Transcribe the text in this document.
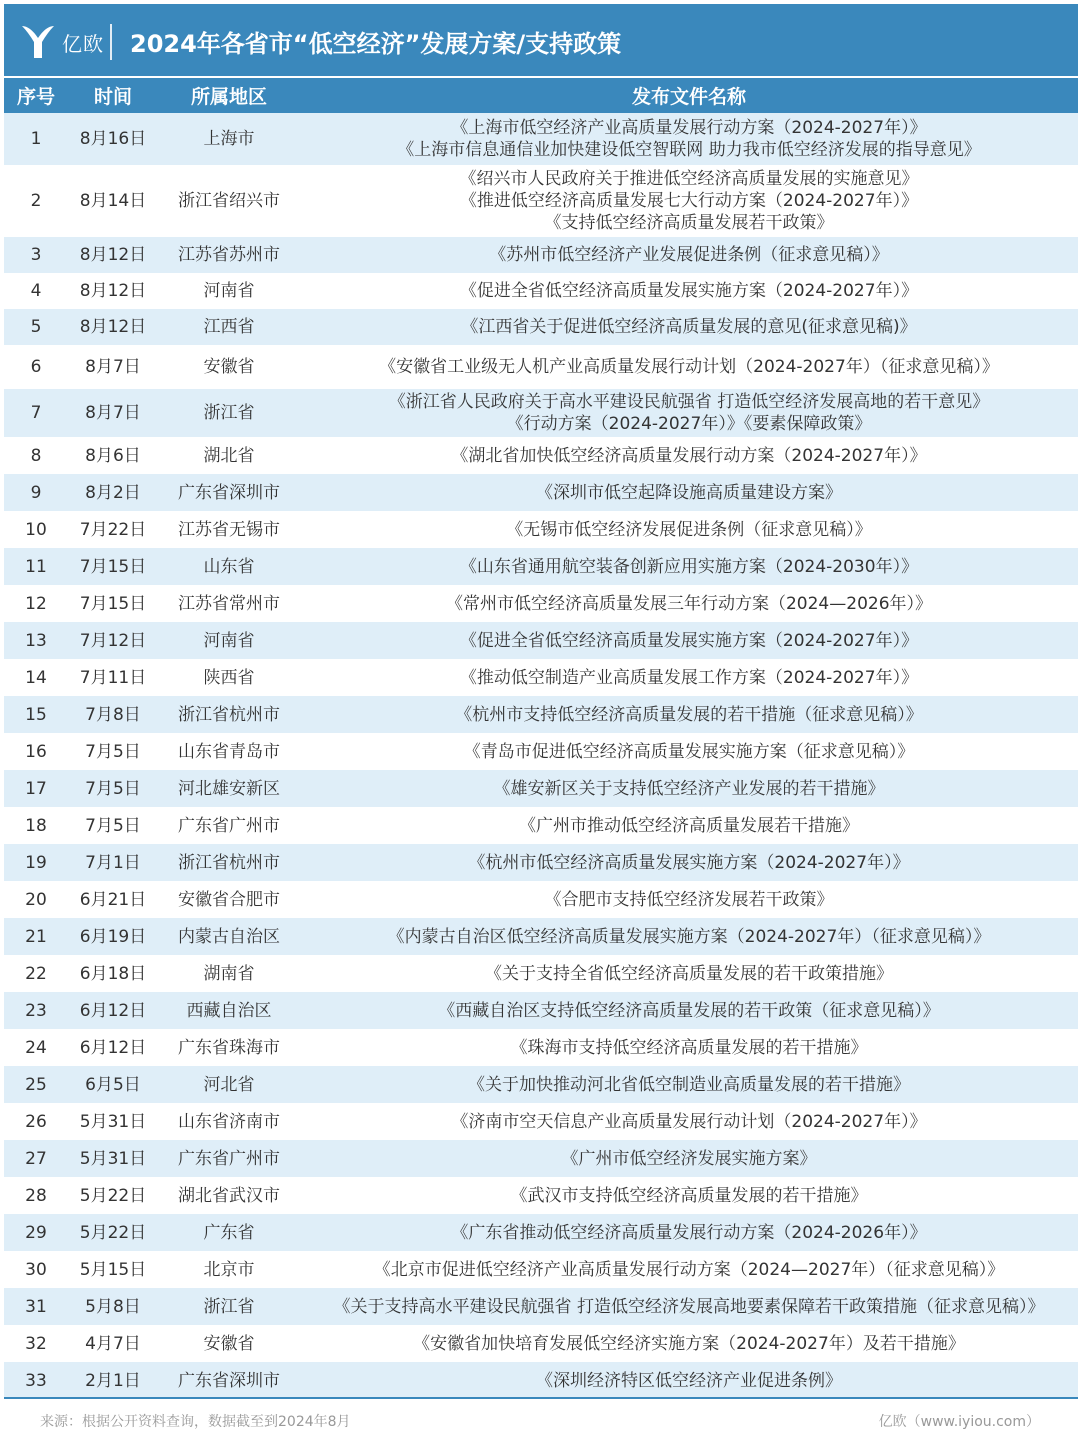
亿欧 2024年各省市“低空经济”发展方案/支持政策
序号	时间	所属地区	发布文件名称
1	8月16日	上海市	《上海市低空经济产业高质量发展行动方案（2024-2027年）》
《上海市信息通信业加快建设低空智联网 助力我市低空经济发展的指导意见》

2	8月14日	浙江省绍兴市	《绍兴市人民政府关于推进低空经济高质量发展的实施意见》
《推进低空经济高质量发展七大行动方案（2024-2027年）》
《支持低空经济高质量发展若干政策》

3	8月12日	江苏省苏州市	《苏州市低空经济产业发展促进条例（征求意见稿）》

4	8月12日	河南省	《促进全省低空经济高质量发展实施方案（2024-2027年）》

5	8月12日	江西省	《江西省关于促进低空经济高质量发展的意见(征求意见稿)》

6	8月7日	安徽省	《安徽省工业级无人机产业高质量发展行动计划（2024-2027年）（征求意见稿）》

7	8月7日	浙江省	《浙江省人民政府关于高水平建设民航强省 打造低空经济发展高地的若干意见》
《行动方案（2024-2027年）》《要素保障政策》

8	8月6日	湖北省	《湖北省加快低空经济高质量发展行动方案（2024-2027年）》

9	8月2日	广东省深圳市	《深圳市低空起降设施高质量建设方案》

10	7月22日	江苏省无锡市	《无锡市低空经济发展促进条例（征求意见稿）》

11	7月15日	山东省	《山东省通用航空装备创新应用实施方案（2024-2030年）》

12	7月15日	江苏省常州市	《常州市低空经济高质量发展三年行动方案（2024—2026年）》

13	7月12日	河南省	《促进全省低空经济高质量发展实施方案（2024-2027年）》

14	7月11日	陕西省	《推动低空制造产业高质量发展工作方案（2024-2027年）》

15	7月8日	浙江省杭州市	《杭州市支持低空经济高质量发展的若干措施（征求意见稿）》

16	7月5日	山东省青岛市	《青岛市促进低空经济高质量发展实施方案（征求意见稿）》

17	7月5日	河北雄安新区	《雄安新区关于支持低空经济产业发展的若干措施》

18	7月5日	广东省广州市	《广州市推动低空经济高质量发展若干措施》

19	7月1日	浙江省杭州市	《杭州市低空经济高质量发展实施方案（2024-2027年）》

20	6月21日	安徽省合肥市	《合肥市支持低空经济发展若干政策》

21	6月19日	内蒙古自治区	《内蒙古自治区低空经济高质量发展实施方案（2024-2027年）（征求意见稿）》

22	6月18日	湖南省	《关于支持全省低空经济高质量发展的若干政策措施》

23	6月12日	西藏自治区	《西藏自治区支持低空经济高质量发展的若干政策（征求意见稿）》

24	6月12日	广东省珠海市	《珠海市支持低空经济高质量发展的若干措施》

25	6月5日	河北省	《关于加快推动河北省低空制造业高质量发展的若干措施》

26	5月31日	山东省济南市	《济南市空天信息产业高质量发展行动计划（2024-2027年）》

27	5月31日	广东省广州市	《广州市低空经济发展实施方案》

28	5月22日	湖北省武汉市	《武汉市支持低空经济高质量发展的若干措施》

29	5月22日	广东省	《广东省推动低空经济高质量发展行动方案（2024-2026年）》

30	5月15日	北京市	《北京市促进低空经济产业高质量发展行动方案（2024—2027年）（征求意见稿）》

31	5月8日	浙江省	《关于支持高水平建设民航强省 打造低空经济发展高地要素保障若干政策措施（征求意见稿）》

32	4月7日	安徽省	《安徽省加快培育发展低空经济实施方案（2024-2027年）及若干措施》

33	2月1日	广东省深圳市	《深圳经济特区低空经济产业促进条例》
来源：根据公开资料查询，数据截至到2024年8月	亿欧（www.iyiou.com）
